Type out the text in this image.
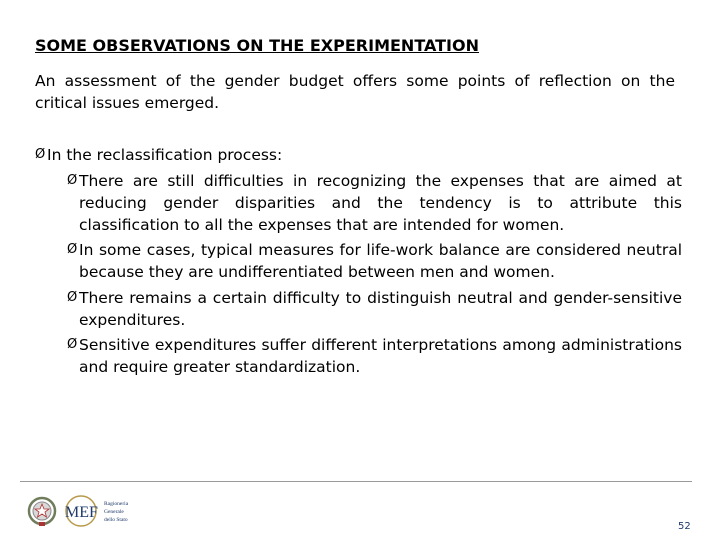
SOME OBSERVATIONS ON THE EXPERIMENTATION
An assessment of the gender budget offers some points of reflection on the critical issues emerged.
Ø In the reclassification process:
Ø There are still difficulties in recognizing the expenses that are aimed at reducing gender disparities and the tendency is to attribute this classification to all the expenses that are intended for women.
Ø In some cases, typical measures for life-work balance are considered neutral because they are undifferentiated between men and women.
Ø There remains a certain difficulty to distinguish neutral and gender-sensitive expenditures.
Ø Sensitive expenditures suffer different interpretations among administrations and require greater standardization.
MEF Ragioneria
Generale
dello Stato
52
